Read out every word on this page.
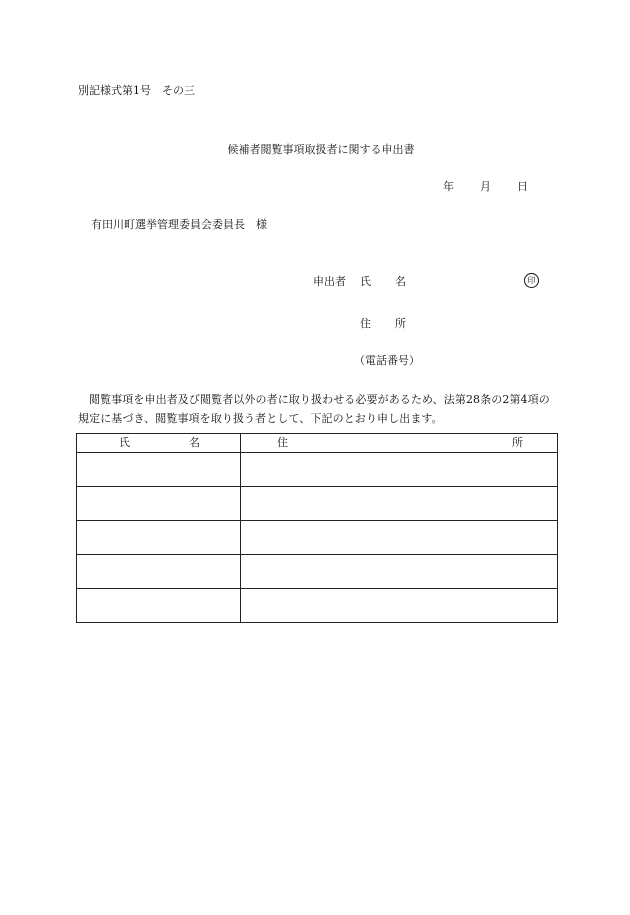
別記様式第1号　その三
候補者閲覧事項取扱者に関する申出書
年 月 日
有田川町選挙管理委員会委員長　様
申出者 氏 名	印
住 所
（電話番号）
閲覧事項を申出者及び閲覧者以外の者に取り扱わせる必要があるため、法第28条の2第4項の規定に基づき、閲覧事項を取り扱う者として、下記のとおり申し出ます。
氏 名	住 所
